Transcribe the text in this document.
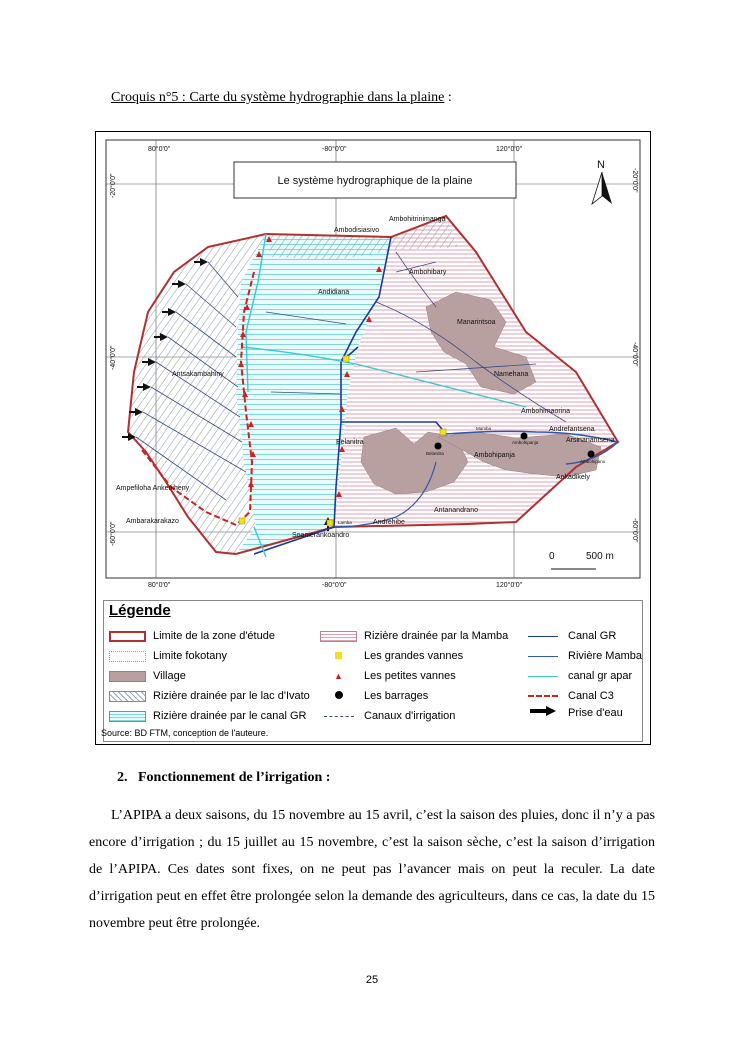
Croquis n°5 : Carte du système hydrographie dans la plaine :
80°0'0"	-80°0'0"	120°0'0"
80°0'0"	-80°0'0"	120°0'0"
-20°0'0"
-40°0'0"
-60°0'0"
-20°0'0"
-40°0'0"
-60°0'0"
Le système hydrographique de la plaine
N
0	500 m
Ambohitrinimanga
Ambodisiasivo
Ambohibary
Andidiana
Manarintsoa
Antsakambahiny	Namehana
Ambohimaorina
Andrefantsena
Arsinanantsena
Belanitra
Ambohipanja
Ankadikely
Ampefiloha Ankeniheny
Antanandrano
Ambarakarakazo	Andrehibe
Soanierankoandro
Mamba
Belanitra
Ambohipanja
Ambohipano
Lamba
Légende
Limite de la zone d'étude
Limite fokotany
Village
Rizière drainée par le lac d'Ivato
Rizière drainée par le canal GR
Rizière drainée par la Mamba
Les grandes vannes
▲	Les petites vannes
Les barrages
Canaux d'irrigation
Canal GR
Rivière Mamba
canal gr apar
Canal C3
Prise d'eau
Source: BD FTM, conception de l'auteure.
2. Fonctionnement de l’irrigation :

L’APIPA a deux saisons, du 15 novembre au 15 avril, c’est la saison des pluies, donc il n’y a pas encore d’irrigation ; du 15 juillet au 15 novembre, c’est la saison sèche, c’est la saison d’irrigation de l’APIPA. Ces dates sont fixes, on ne peut pas l’avancer mais on peut la reculer. La date d’irrigation peut en effet être prolongée selon la demande des agriculteurs, dans ce cas, la date du 15 novembre peut être prolongée.

25
